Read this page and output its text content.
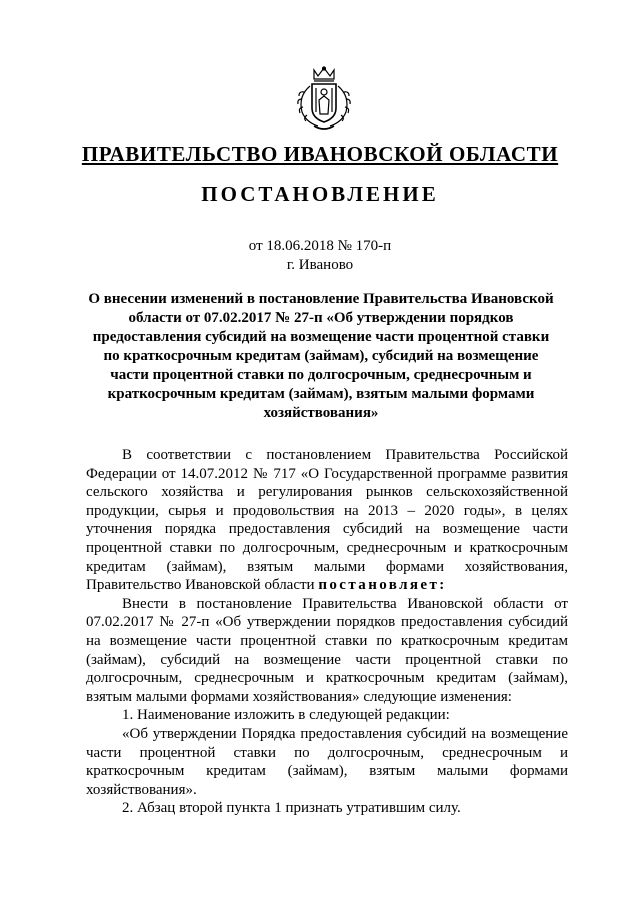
ПРАВИТЕЛЬСТВО ИВАНОВСКОЙ ОБЛАСТИ
ПОСТАНОВЛЕНИЕ
от 18.06.2018 № 170-п
г. Иваново
О внесении изменений в постановление Правительства Ивановской области от 07.02.2017 № 27-п «Об утверждении порядков предоставления субсидий на возмещение части процентной ставки по краткосрочным кредитам (займам), субсидий на возмещение части процентной ставки по долгосрочным, среднесрочным и краткосрочным кредитам (займам), взятым малыми формами хозяйствования»

В соответствии с постановлением Правительства Российской Федерации от 14.07.2012 № 717 «О Государственной программе развития сельского хозяйства и регулирования рынков сельскохозяйственной продукции, сырья и продовольствия на 2013 – 2020 годы», в целях уточнения порядка предоставления субсидий на возмещение части процентной ставки по долгосрочным, среднесрочным и краткосрочным кредитам (займам), взятым малыми формами хозяйствования, Правительство Ивановской области постановляет:

Внести в постановление Правительства Ивановской области от 07.02.2017 № 27-п «Об утверждении порядков предоставления субсидий на возмещение части процентной ставки по краткосрочным кредитам (займам), субсидий на возмещение части процентной ставки по долгосрочным, среднесрочным и краткосрочным кредитам (займам), взятым малыми формами хозяйствования» следующие изменения:

1. Наименование изложить в следующей редакции:

«Об утверждении Порядка предоставления субсидий на возмещение части процентной ставки по долгосрочным, среднесрочным и краткосрочным кредитам (займам), взятым малыми формами хозяйствования».

2. Абзац второй пункта 1 признать утратившим силу.
